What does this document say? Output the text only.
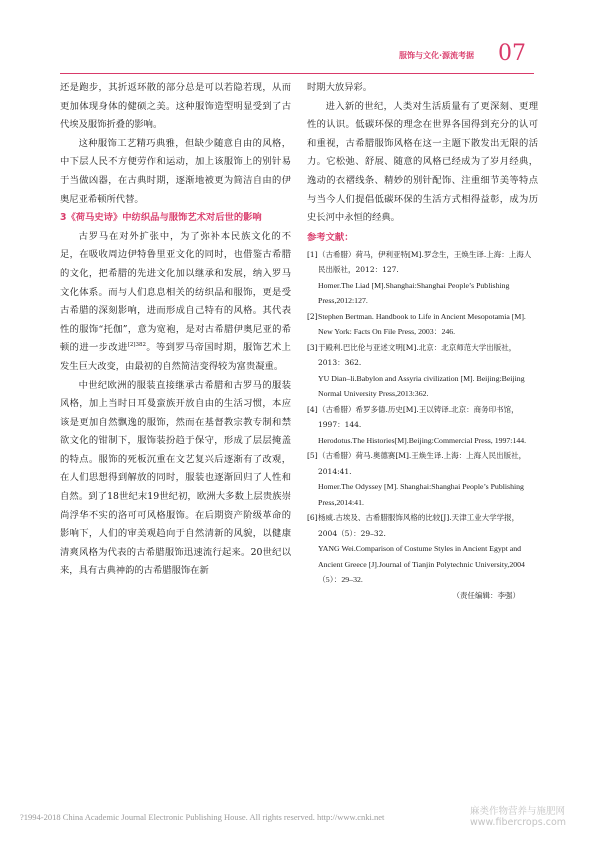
服饰与文化·源流考据 07

还是跑步，其折返环散的部分总是可以若隐若现，从而更加体现身体的健硕之美。这种服饰造型明显受到了古代埃及服饰折叠的影响。

这种服饰工艺精巧典雅，但缺少随意自由的风格，中下层人民不方便劳作和运动，加上该服饰上的别针易于当做凶器，在古典时期，逐渐地被更为简洁自由的伊奥尼亚希顿所代替。

3《荷马史诗》中纺织品与服饰艺术对后世的影响

古罗马在对外扩张中，为了弥补本民族文化的不足，在吸收周边伊特鲁里亚文化的同时，也借鉴古希腊的文化，把希腊的先进文化加以继承和发展，纳入罗马文化体系。而与人们息息相关的纺织品和服饰，更是受古希腊的深刻影响，进而形成自己特有的风格。其代表性的服饰“托伽”，意为宽袍，是对古希腊伊奥尼亚的希顿的进一步改进$^{[2]382}$。等到罗马帝国时期，服饰艺术上发生巨大改变，由最初的自然简洁变得较为富贵凝重。

中世纪欧洲的服装直接继承古希腊和古罗马的服装风格，加上当时日耳曼蛮族开放自由的生活习惯，本应该是更加自然飘逸的服饰，然而在基督教宗教专制和禁欲文化的钳制下，服饰装扮趋于保守，形成了层层掩盖的特点。服饰的死板沉重在文艺复兴后逐渐有了改观，在人们思想得到解放的同时，服装也逐渐回归了人性和自然。到了18世纪末19世纪初，欧洲大多数上层贵族崇尚浮华不实的洛可可风格服饰。在后期资产阶级革命的影响下，人们的审美观趋向于自然清新的风貌，以健康清爽风格为代表的古希腊服饰迅速流行起来。20世纪以来，具有古典神韵的古希腊服饰在新

时期大放异彩。

进入新的世纪，人类对生活质量有了更深刻、更理性的认识。低碳环保的理念在世界各国得到充分的认可和重视，古希腊服饰风格在这一主题下散发出无限的活力。它松弛、舒展、随意的风格已经成为了岁月经典，逸动的衣褶线条、精妙的别针配饰、注重细节美等特点与当今人们提倡低碳环保的生活方式相得益彰，成为历史长河中永恒的经典。

参考文献：
[1] （古希腊）荷马，伊利亚特[M].罗念生，王焕生译.上海：上海人民出版社，2012：127.
Homer.The Liad [M].Shanghai:Shanghai People’s Publishing Press,2012:127.
[2] Stephen Bertman. Handbook to Life in Ancient Mesopotamia [M]. New York: Facts On File Press, 2003：246.
[3] 于殿利.巴比伦与亚述文明[M].北京：北京师范大学出版社，2013：362.
YU Dian–li.Babylon and Assyria civilization [M]. Beijing:Beijing Normal University Press,2013:362.
[4] （古希腊）希罗多德.历史[M].王以铸译.北京：商务印书馆，1997：144.
Herodotus.The Histories[M].Beijing:Commercial Press, 1997:144.
[5] （古希腊）荷马.奥德赛[M].王焕生译.上海：上海人民出版社，2014:41.
Homer.The Odyssey [M]. Shanghai:Shanghai People’s Publishing Press,2014:41.
[6] 杨威.古埃及、古希腊服饰风格的比较[J].天津工业大学学报，2004（5）：29–32.
YANG Wei.Comparison of Costume Styles in Ancient Egypt and Ancient Greece [J].Journal of Tianjin Polytechnic University,2004（5）：29–32.
（责任编辑：李强）
?1994-2018 China Academic Journal Electronic Publishing House. All rights reserved. http://www.cnki.net	麻类作物营养与施肥网
www.fibercrops.com
